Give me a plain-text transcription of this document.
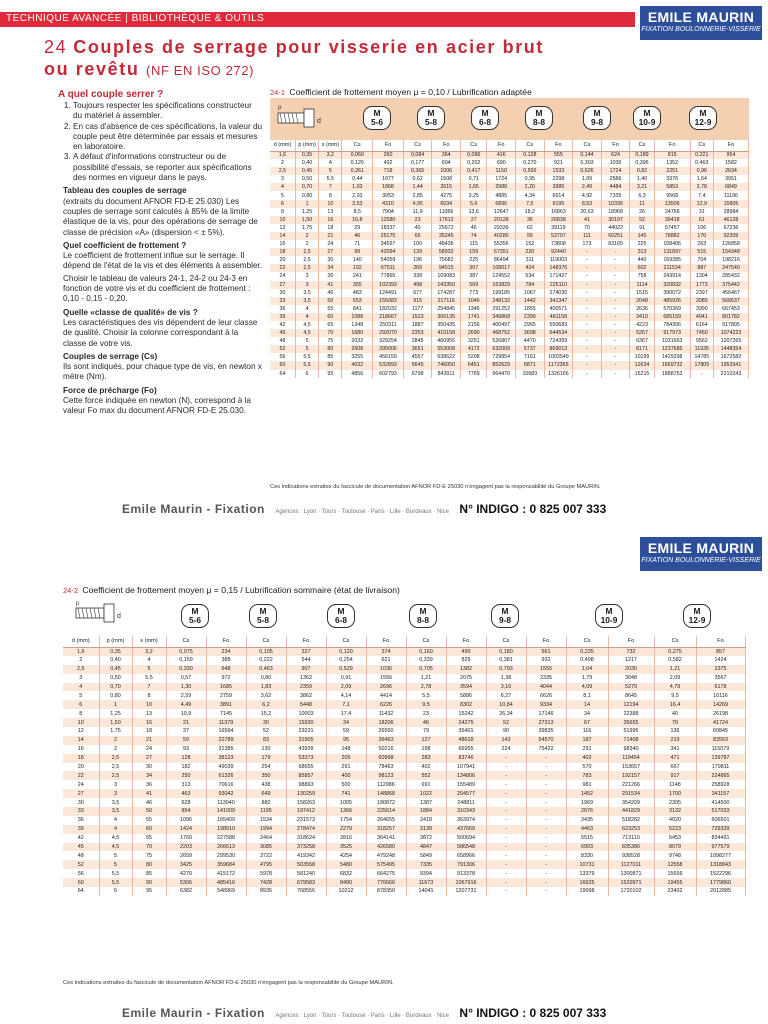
TECHNIQUE AVANCÉE | BIBLIOTHÈQUE & OUTILS	EMILE MAURIN
FIXATION BOULONNERIE-VISSERIE
24 Couples de serrage pour visserie en acier brut
ou revêtu (NF EN ISO 272)
A quel couple serrer ?
1. Toujours respecter les spécifications constructeur du matériel à assembler.
2. En cas d'absence de ces spécifications, la valeur du couple peut être déterminée par essais et mesures en laboratoire.
3. A défaut d'informations constructeur ou de possibilité d'essais, se reporter aux spécifications des normes en vigueur dans le pays.
Tableau des couples de serrage
(extraits du document AFNOR FD-E 25.030) Les couples de serrage sont calculés à 85% de la limite élastique de la vis, pour des opérations de serrage de classe de précision «A» (dispersion < ± 5%).
Quel coefficient de frottement ?
Le coefficient de frottement influe sur le serrage. Il dépend de l'état de la vis et des éléments à assembler.
Choisir le tableau de valeurs 24-1, 24-2 ou 24-3 en fonction de votre vis et du coefficient de frottement : 0,10 - 0,15 - 0,20.
Quelle «classe de qualité» de vis ?
Les caractéristiques des vis dépendent de leur classe de qualité. Choisir la colonne correspondant à la classe de votre vis.
Couples de serrage (Cs)
Ils sont indiqués, pour chaque type de vis, en newton x mètre (Nm).
Force de précharge (Fo)
Cette force indiquée en newton (N), correspond à la valeur Fo max du document AFNOR FD-E 25.030.
24-1 Coefficient de frottement moyen μ = 0,10 / Lubrification adaptée
d
p	M
5-6
M
5-8
M
6-8
M
8-8
M
9-8
M
10-9
M
12-9
d (mm)	p (mm)	s (mm)	Cs	Fo	Cs	Fo	Cs	Fo	Cs	Fo	Cs	Fo	Cs	Fo	Cs	Fo
1,6	0,35	3,2	0,060	260	0,084	364	0,096	416	0,128	555	0,144	624	0,189	815	0,221	954
2	0,40	4	0,126	432	0,177	604	0,202	690	0,270	921	0,303	1036	0,396	1352	0,463	1582
2,5	0,45	5	0,261	718	0,365	1006	0,417	1150	0,556	1533	0,626	1724	0,82	2251	0,96	2634
3	0,50	5,5	0,44	1077	0,62	1508	0,71	1724	0,95	2298	1,09	2586	1,40	3376	1,64	3951
4	0,70	7	1,03	1868	1,44	2615	1,65	2988	2,20	3985	2,49	4484	3,21	5853	3,78	6849
5	0,80	8	2,03	3053	2,85	4275	3,25	4885	4,34	6514	4,92	7335	6,3	9568	7,4	11196
6	1	10	3,53	4310	4,95	6034	5,6	6896	7,5	9195	8,53	10336	11	13506	12,9	15805
8	1,25	13	8,5	7904	11,9	11066	13,6	12647	18,2	16863	20,63	18968	26	24768	31	28984
10	1,50	16	16,8	12580	23	17612	27	20128	36	26838	41	30197	52	39418	61	46128
12	1,75	18	29	18337	40	25672	46	29339	62	39119	70	44022	91	57457	106	67236
14	2	21	46	25175	65	35245	74	40280	99	53707	111	60251	145	78882	170	92309
16	2	24	71	34597	100	48436	115	55356	152	73808	173	83165	225	108406	263	126858
18	2,5	27	99	42094	139	58932	159	67351	220	92440	-	-	313	131897	515	154348
20	2,5	30	140	54059	196	75682	225	86494	311	119003	-	-	440	169385	704	198216
22	2,5	34	192	67511	269	94515	307	108017	424	148376	-	-	602	211534	887	247540
24	3	36	241	77865	338	109083	387	124552	534	171427	-	-	758	243914	1304	285432
27	3	41	355	102393	498	143350	569	163829	784	225110	-	-	1114	320832	1773	375442
30	3,5	46	483	124491	677	174287	773	199185	1067	274030	-	-	1515	390072	2397	456467
33	3,5	50	653	155083	915	217116	1046	248132	1442	341347	-	-	2048	485926	3085	568637
36	4	55	841	182032	1177	254845	1346	291252	1855	400571	-	-	2636	570369	3990	667453
39	4	60	1088	218667	1523	306135	1741	349868	2399	481158	-	-	3410	685159	4941	801782
42	4,5	65	1348	250311	1887	350435	2156	400497	2965	550683	-	-	4223	784306	6164	917805
45	4,5	70	1680	292070	2353	410158	2690	468752	3698	644534	-	-	5267	917973	7450	1074223
48	5	75	2032	329254	2845	460956	3251	526807	4470	724359	-	-	6367	1031663	9562	1207265
52	5	80	2608	395006	3651	553008	4172	632009	5737	869013	-	-	8171	1237685	11935	1448354
56	5,5	85	3255	456159	4557	638622	5208	729854	7161	1003549	-	-	10199	1429298	14785	1672582
60	5,5	90	4032	532893	5645	746050	6451	852629	8871	1172365	-	-	12634	1669732	17805	1953941
64	6	95	4856	602793	6798	843911	7769	964470	10683	1326166	-	-	15215	1888753	-	2210243
Ces indications extraites du fascicule de documentation AFNOR FD-E 25030 n'engagent pas la responsabilité du Groupe MAURIN.
Emile Maurin - Fixation Agences : Lyon · Tours · Toulouse · Paris · Lille · Bordeaux · Nice N° INDIGO : 0 825 007 333
EMILE MAURIN
FIXATION BOULONNERIE-VISSERIE
24-2 Coefficient de frottement moyen μ = 0,15 / Lubrification sommaire (état de livraison)
d
p
M
5-6
M
5-8
M
6-8
M
8-8
M
9-8
M
10-9
M
12-9
d (mm)	p (mm)	s (mm)	Cs	Fo	Cs	Fo	Cs	Fo	Cs	Fo	Cs	Fo	Cs	Fo	Cs	Fo
1,6	0,35	3,2	0,075	234	0,105	327	0,120	374	0,160	499	0,180	561	0,235	732	0,275	857
2	0,40	4	0,159	388	0,222	544	0,254	621	0,339	829	0,381	932	0,498	1217	0,582	1424
2,5	0,45	5	0,330	648	0,463	907	0,529	1036	0,705	1382	0,793	1555	1,04	2030	1,21	2375
3	0,50	5,5	0,57	972	0,80	1362	0,91	1556	1,21	2075	1,38	2335	1,79	3048	2,09	3567
4	0,70	7	1,30	1685	1,83	2359	2,09	2696	2,78	3594	3,16	4044	4,09	5279	4,79	6178
5	0,80	8	2,59	2759	3,62	3862	4,14	4414	5,5	5886	6,27	6626	8,1	8645	9,5	10116
6	1	10	4,49	3891	6,2	5448	7,1	6226	9,5	8302	10,84	9334	14	12194	16,4	14269
8	1,25	13	10,9	7145	15,2	10003	17,4	11432	23	15242	26,34	17146	34	22388	40	26198
10	1,50	16	21	11379	30	15930	34	18206	46	24275	52	27313	67	35655	79	41724
12	1,75	18	37	16594	52	23231	59	26550	79	35401	90	39835	116	51995	136	60845
14	2	21	59	22789	83	31905	95	36463	127	48618	143	54570	187	71408	219	83563
16	2	24	93	31385	130	43939	148	50216	198	66955	224	75422	291	98340	341	115079
18	2,5	27	128	38123	179	53373	205	60998	283	83746	-	-	402	119454	471	139787
20	2,5	30	182	49039	254	68655	291	78463	402	107941	-	-	570	153657	667	179811
22	2,5	34	250	61326	350	85857	400	98123	552	134806	-	-	783	192157	917	224865
24	3	36	313	70616	438	98863	500	112986	691	155489	-	-	981	221266	1148	258928
27	3	41	463	93042	649	130259	741	148868	1022	204577	-	-	1452	291534	1700	341157
30	3,5	46	628	113040	880	158263	1005	180872	1387	248811	-	-	1969	354209	2305	414500
33	3,5	50	854	141009	1195	197412	1366	225614	1884	310343	-	-	2676	441829	3132	517033
36	4	55	1096	165409	1534	231573	1754	264655	2418	363974	-	-	3435	518282	4020	606501
39	4	60	1424	198910	1994	278474	2279	318257	3139	437669	-	-	4463	623253	5223	729339
42	4,5	65	1760	227588	2464	318624	2816	364141	3872	500694	-	-	5515	713110	6453	834491
45	4,5	70	2203	266613	3085	373258	3525	426580	4847	586548	-	-	6903	835386	8079	977579
48	5	75	2659	299530	3722	419342	4254	479248	5849	658966	-	-	8330	938528	9748	1098277
52	5	80	3425	359684	4795	503558	5480	575495	7335	791306	-	-	10731	1127011	12558	1318843
56	5,5	85	4270	415172	5978	581240	6832	664275	9394	913378	-	-	13379	1300871	15656	1522296
60	5,5	90	5306	485416	7428	679583	8490	776666	11673	1067916	-	-	16625	1520971	19455	1779860
64	6	95	6382	548969	8935	768556	10212	878350	14041	1207731	-	-	19998	1720102	23402	2012885
Ces indications extraites du fascicule de documentation AFNOR FD-E 25030 n'engagent pas la responsabilité du Groupe MAURIN.
Emile Maurin - Fixation Agences : Lyon · Tours · Toulouse · Paris · Lille · Bordeaux · Nice N° INDIGO : 0 825 007 333
